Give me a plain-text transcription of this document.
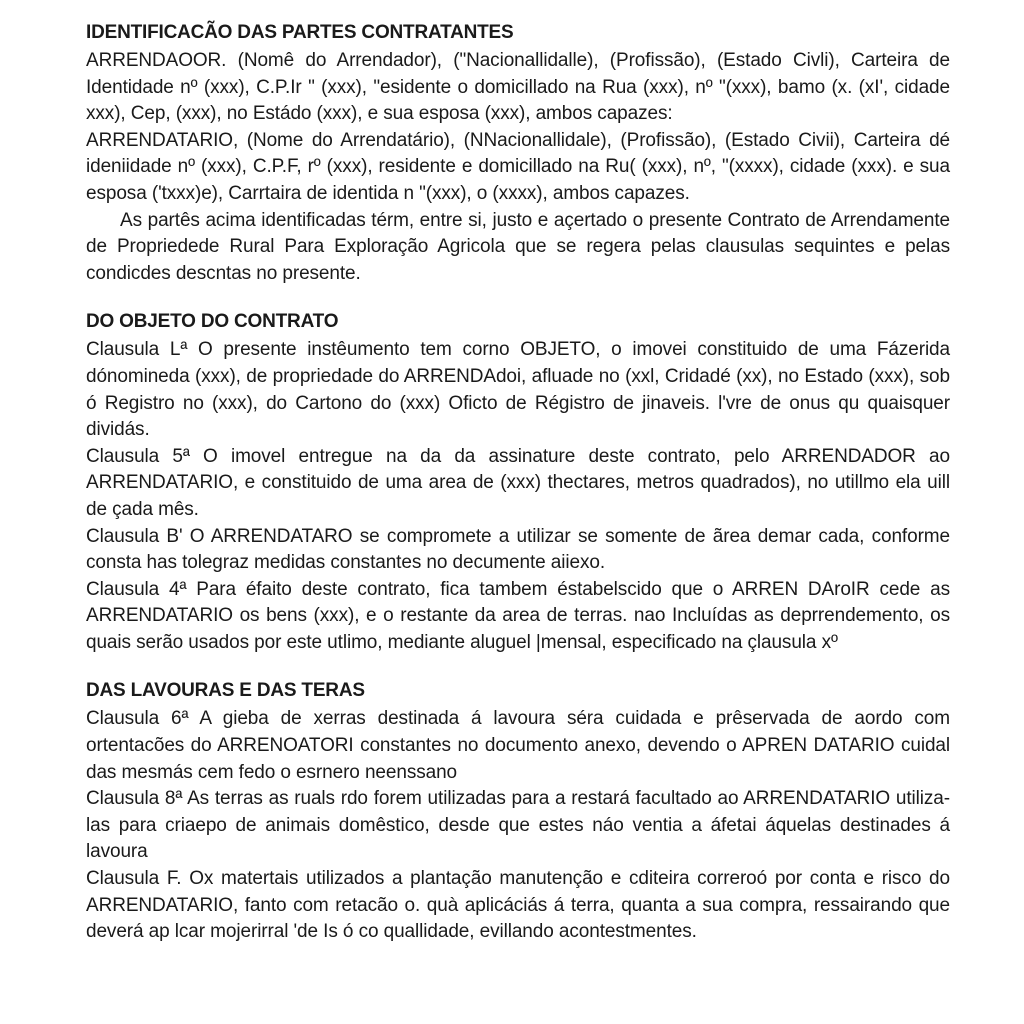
IDENTIFICACÃO DAS PARTES CONTRATANTES

ARRENDAOOR. (Nomê do Arrendador), ("Nacionallidalle), (Profissão), (Estado Civli), Carteira de Identidade nº (xxx), C.P.Ir " (xxx), "esidente o domicillado na Rua (xxx), nº "(xxx), bamo (x. (xI', cidade xxx), Cep, (xxx), no Estádo (xxx), e sua esposa (xxx), ambos capazes:

ARRENDATARIO, (Nome do Arrendatário), (NNacionallidale), (Profissão), (Estado Civii), Carteira dé ideniidade nº (xxx), C.P.F, rº (xxx), residente e domicillado na Ru( (xxx), nº, "(xxxx), cidade (xxx). e sua esposa ('txxx)e), Carrtaira de identida n "(xxx), o (xxxx), ambos capazes.

As partês acima identificadas térm, entre si, justo e açertado o presente Contrato de Arrendamente de Propriedede Rural Para Exploração Agricola que se regera pelas clausulas sequintes e pelas condicdes descntas no presente.

DO OBJETO DO CONTRATO

Clausula Lª O presente instêumento tem corno OBJETO, o imovei constituido de uma Fázerida dónomineda (xxx), de propriedade do ARRENDAdoi, afluade no (xxl, Cridadé (xx), no Estado (xxx), sob ó Registro no (xxx), do Cartono do (xxx) Oficto de Régistro de jinaveis. l'vre de onus qu quaisquer dividás.

Clausula 5ª O imovel entregue na da da assinature deste contrato, pelo ARRENDADOR ao ARRENDATARIO, e constituido de uma area de (xxx) thectares, metros quadrados), no utillmo ela uill de çada mês.

Clausula B' O ARRENDATARO se compromete a utilizar se somente de ãrea demar cada, conforme consta has tolegraz medidas constantes no decumente aiiexo.

Clausula 4ª Para éfaito deste contrato, fica tambem éstabelscido que o ARREN DAroIR cede as ARRENDATARIO os bens (xxx), e o restante da area de terras. nao Incluídas as deprrendemento, os quais serão usados por este utlimo, mediante aluguel |mensal, especificado na çlausula xº

DAS LAVOURAS E DAS TERAS

Clausula 6ª A gieba de xerras destinada á lavoura séra cuidada e prêservada de aordo com ortentacões do ARRENOATORI constantes no documento anexo, devendo o APREN DATARIO cuidal das mesmás cem fedo o esrnero neenssano

Clausula 8ª As terras as ruals rdo forem utilizadas para a restará facultado ao ARRENDATARIO utiliza-las para criaepo de animais domêstico, desde que estes náo ventia a áfetai áquelas destinades á lavoura

Clausula F. Ox matertais utilizados a plantação manutenção e cditeira correroó por conta e risco do ARRENDATARIO, fanto com retacão o. quà aplicáciás á terra, quanta a sua compra, ressairando que deverá ap lcar mojerirral 'de Is ó co quallidade, evillando acontestmentes.
